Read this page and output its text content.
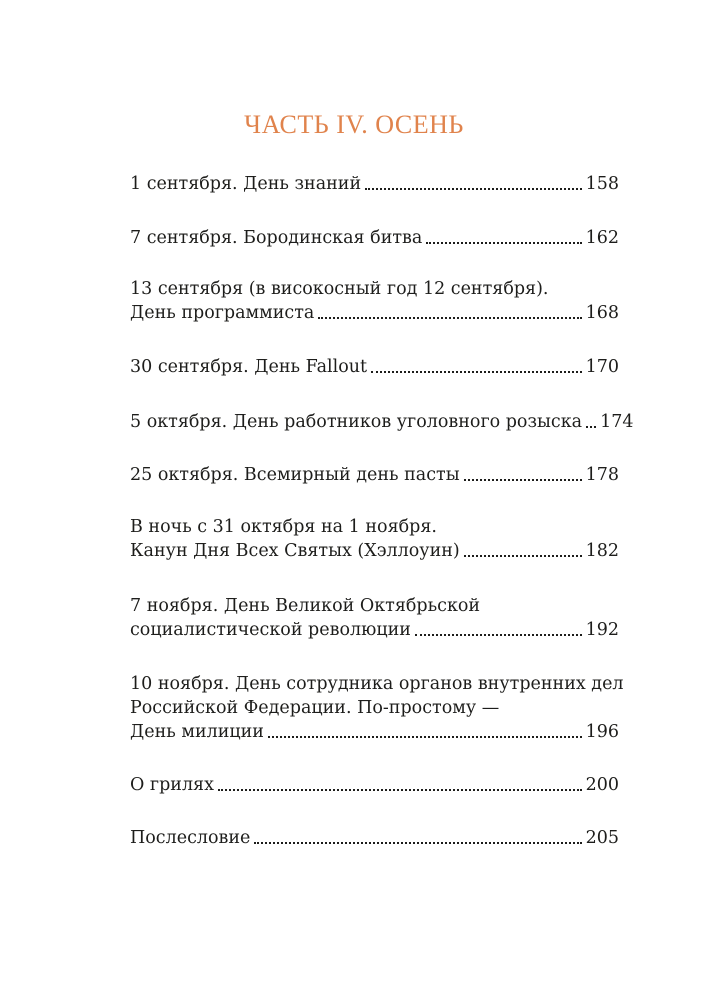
ЧАСТЬ IV. ОСЕНЬ
1 сентября. День знаний	158
7 сентября. Бородинская битва	162
13 сентября (в високосный год 12 сентября).
День программиста	168
30 сентября. День Fallout	170
5 октября. День работников уголовного розыска 174
25 октября. Всемирный день пасты	178
В ночь с 31 октября на 1 ноября.
Канун Дня Всех Святых (Хэллоуин)	182
7 ноября. День Великой Октябрьской
социалистической революции	192
10 ноября. День сотрудника органов внутренних дел
Российской Федерации. По-простому —
День милиции	196
О грилях	200
Послесловие	205
